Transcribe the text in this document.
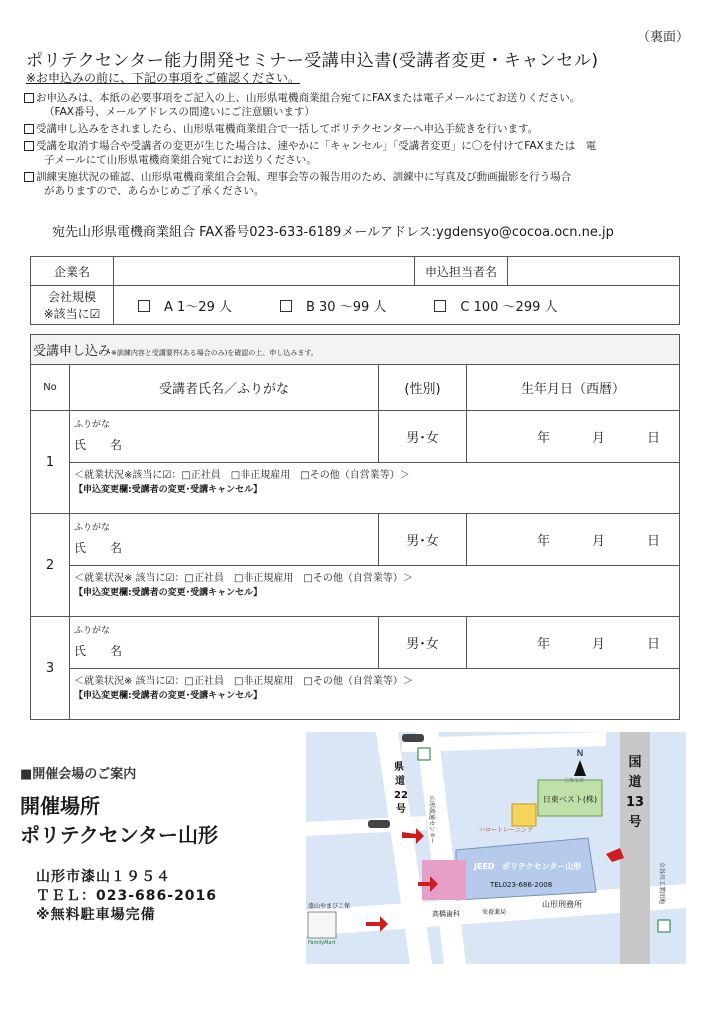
（裏面）
ポリテクセンター能力開発セミナー受講申込書(受講者変更・キャンセル)
※お申込みの前に、下記の事項をご確認ください。
お申込みは、本紙の必要事項をご記入の上、山形県電機商業組合宛てにFAXまたは電子メールにてお送りください。
（FAX番号、メールアドレスの間違いにご注意願います）
受講申し込みをされましたら、山形県電機商業組合で一括してポリテクセンターへ申込手続きを行います。
受講を取消す場合や受講者の変更が生じた場合は、速やかに「キャンセル」「受講者変更」に〇を付けてFAXまたは　電
子メールにて山形県電機商業組合宛てにお送りください。
訓練実施状況の確認、山形県電機商業組合会報、理事会等の報告用のため、訓練中に写真及び動画撮影を行う場合
がありますので、あらかじめご了承ください。
宛先山形県電機商業組合 FAX番号023-633-6189メールアドレス:ygdensyo@cocoa.ocn.ne.jp
企業名		申込担当者名	
会社規模
※該当に☑	A 1～29 人 B 30 ～99 人 C 100 ～299 人		
受講申し込み※訓練内容と受講要件(ある場合のみ)を確認の上、申し込みます。			
No	受講者氏名／ふりがな	(性別)	生年月日（西暦）
1	ふりがな
氏　　名	男･女	年 月 日
	＜就業状況※該当に☑：□正社員　□非正規雇用　□その他（自営業等）＞
【申込変更欄:受講者の変更･受講キャンセル】		
2	ふりがな
氏　　名	男･女	年 月 日
	＜就業状況※ 該当に☑：□正社員　□非正規雇用　□その他（自営業等）＞
【申込変更欄:受講者の変更･受講キャンセル】		
3	ふりがな
氏　　名	男･女	年 月 日
	＜就業状況※ 該当に☑：□正社員　□非正規雇用　□その他（自営業等）＞
【申込変更欄:受講者の変更･受講キャンセル】		
■開催会場のご案内
開催場所
ポリテクセンター山形
山形市漆山１９５４
ＴＥＬ：023-686-2016
※無料駐車場完備
国
道
13
号
県
道
22
号
N
日東ベスト(株)
ハロートレーニング
JEED ポリテクセンター山形
TEL023-686-2008
山形刑務所
高橋歯科	栄養薬局
漆山やまびこ保
FamilyMart
立谷川工業団地
立体交差
山形流通センター
